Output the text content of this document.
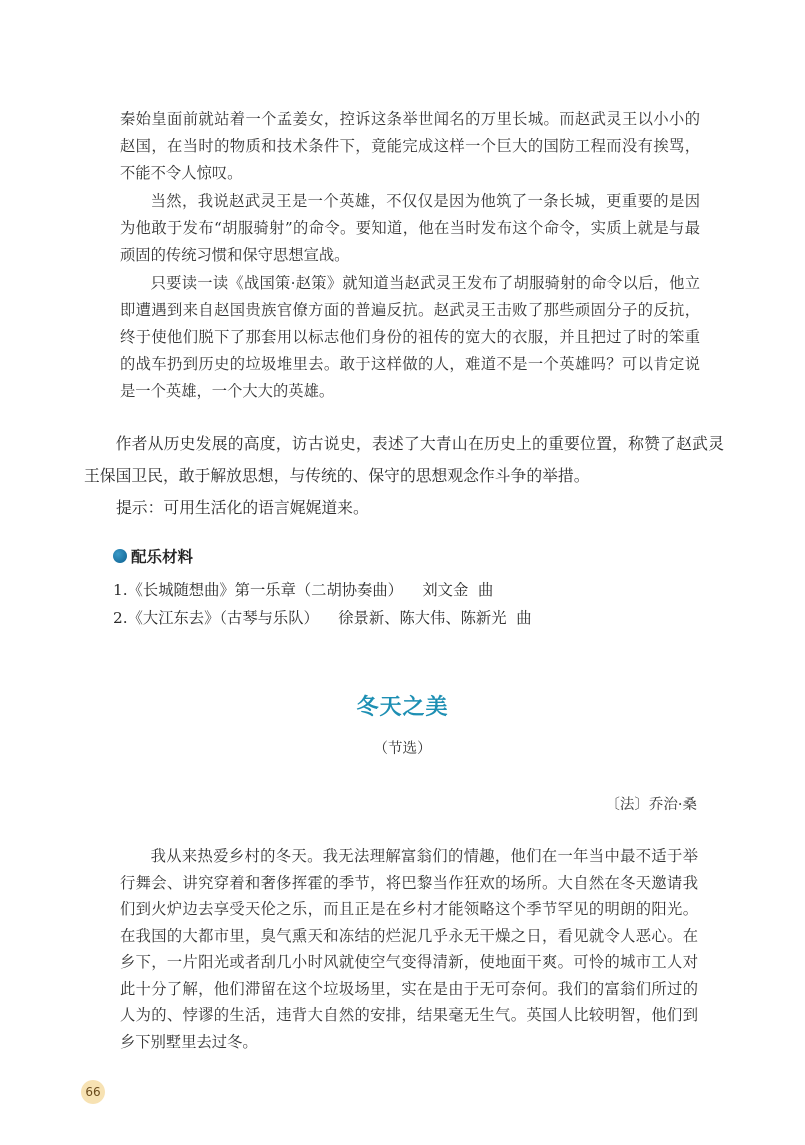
秦始皇面前就站着一个孟姜女，控诉这条举世闻名的万里长城。而赵武灵王以小小的赵国，在当时的物质和技术条件下，竟能完成这样一个巨大的国防工程而没有挨骂，不能不令人惊叹。

当然，我说赵武灵王是一个英雄，不仅仅是因为他筑了一条长城，更重要的是因为他敢于发布“胡服骑射”的命令。要知道，他在当时发布这个命令，实质上就是与最顽固的传统习惯和保守思想宣战。

只要读一读《战国策·赵策》就知道当赵武灵王发布了胡服骑射的命令以后，他立即遭遇到来自赵国贵族官僚方面的普遍反抗。赵武灵王击败了那些顽固分子的反抗，终于使他们脱下了那套用以标志他们身份的祖传的宽大的衣服，并且把过了时的笨重的战车扔到历史的垃圾堆里去。敢于这样做的人，难道不是一个英雄吗？可以肯定说是一个英雄，一个大大的英雄。

作者从历史发展的高度，访古说史，表述了大青山在历史上的重要位置，称赞了赵武灵王保国卫民，敢于解放思想，与传统的、保守的思想观念作斗争的举措。

提示：可用生活化的语言娓娓道来。
配乐材料
1.《长城随想曲》第一乐章（二胡协奏曲）    刘文金  曲
2.《大江东去》（古琴与乐队）    徐景新、陈大伟、陈新光  曲
冬天之美
（节选）
〔法〕乔治·桑

我从来热爱乡村的冬天。我无法理解富翁们的情趣，他们在一年当中最不适于举行舞会、讲究穿着和奢侈挥霍的季节，将巴黎当作狂欢的场所。大自然在冬天邀请我们到火炉边去享受天伦之乐，而且正是在乡村才能领略这个季节罕见的明朗的阳光。在我国的大都市里，臭气熏天和冻结的烂泥几乎永无干燥之日，看见就令人恶心。在乡下，一片阳光或者刮几小时风就使空气变得清新，使地面干爽。可怜的城市工人对此十分了解，他们滞留在这个垃圾场里，实在是由于无可奈何。我们的富翁们所过的人为的、悖谬的生活，违背大自然的安排，结果毫无生气。英国人比较明智，他们到乡下别墅里去过冬。

66
